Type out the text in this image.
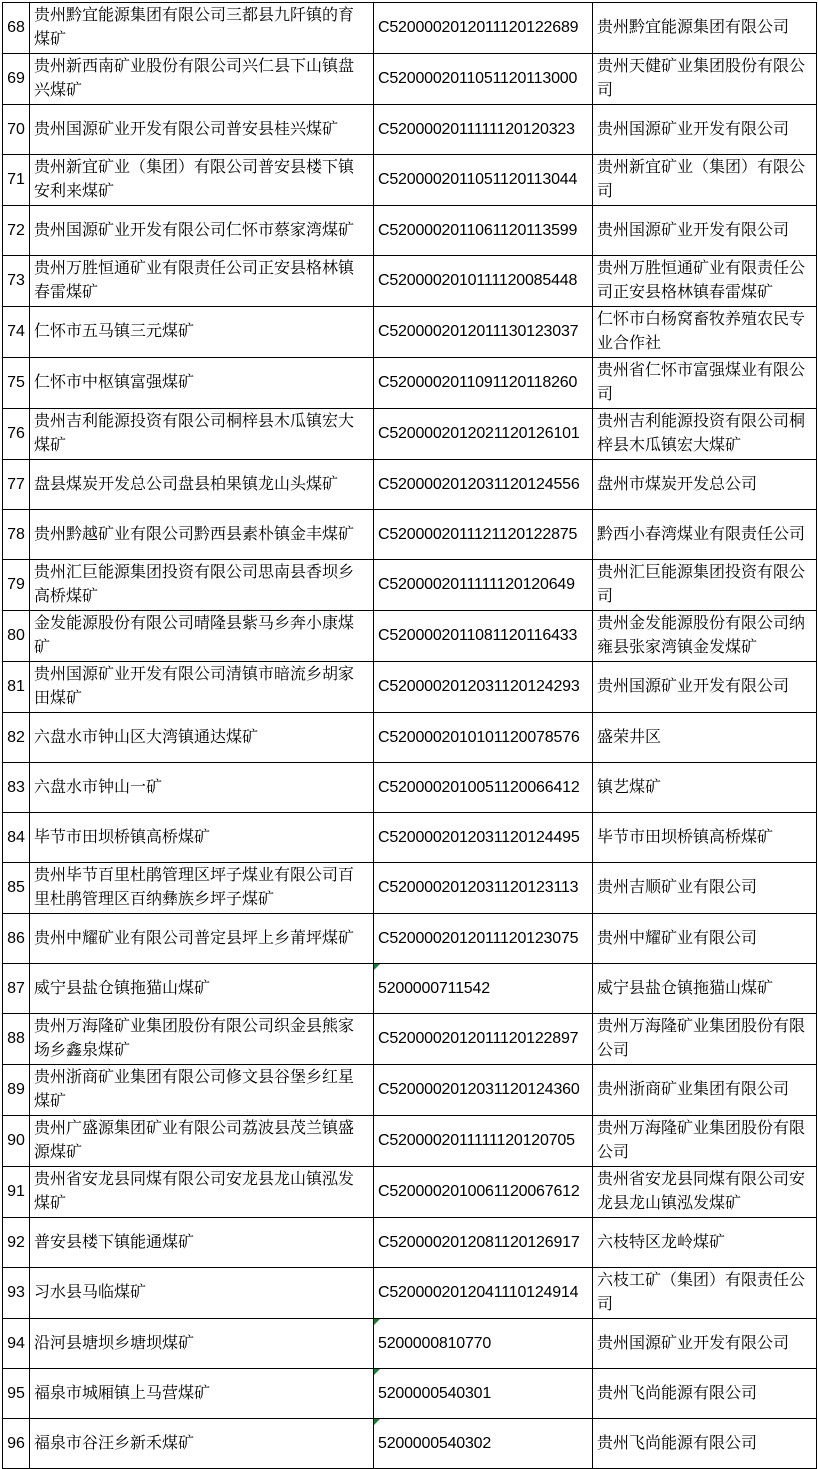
68	贵州黔宜能源集团有限公司三都县九阡镇的育煤矿	C5200002012011120122689	贵州黔宜能源集团有限公司
69	贵州新西南矿业股份有限公司兴仁县下山镇盘兴煤矿	C5200002011051120113000	贵州天健矿业集团股份有限公司
70	贵州国源矿业开发有限公司普安县桂兴煤矿	C5200002011111120120323	贵州国源矿业开发有限公司
71	贵州新宜矿业（集团）有限公司普安县楼下镇安利来煤矿	C5200002011051120113044	贵州新宜矿业（集团）有限公司
72	贵州国源矿业开发有限公司仁怀市蔡家湾煤矿	C5200002011061120113599	贵州国源矿业开发有限公司
73	贵州万胜恒通矿业有限责任公司正安县格林镇春雷煤矿	C5200002010111120085448	贵州万胜恒通矿业有限责任公司正安县格林镇春雷煤矿
74	仁怀市五马镇三元煤矿	C5200002012011130123037	仁怀市白杨窝畜牧养殖农民专业合作社
75	仁怀市中枢镇富强煤矿	C5200002011091120118260	贵州省仁怀市富强煤业有限公司
76	贵州吉利能源投资有限公司桐梓县木瓜镇宏大煤矿	C5200002012021120126101	贵州吉利能源投资有限公司桐梓县木瓜镇宏大煤矿
77	盘县煤炭开发总公司盘县柏果镇龙山头煤矿	C5200002012031120124556	盘州市煤炭开发总公司
78	贵州黔越矿业有限公司黔西县素朴镇金丰煤矿	C5200002011121120122875	黔西小春湾煤业有限责任公司
79	贵州汇巨能源集团投资有限公司思南县香坝乡高桥煤矿	C5200002011111120120649	贵州汇巨能源集团投资有限公司
80	金发能源股份有限公司晴隆县紫马乡奔小康煤矿	C5200002011081120116433	贵州金发能源股份有限公司纳雍县张家湾镇金发煤矿
81	贵州国源矿业开发有限公司清镇市暗流乡胡家田煤矿	C5200002012031120124293	贵州国源矿业开发有限公司
82	六盘水市钟山区大湾镇通达煤矿	C5200002010101120078576	盛荣井区
83	六盘水市钟山一矿	C5200002010051120066412	镇艺煤矿
84	毕节市田坝桥镇高桥煤矿	C5200002012031120124495	毕节市田坝桥镇高桥煤矿
85	贵州毕节百里杜鹃管理区坪子煤业有限公司百里杜鹃管理区百纳彝族乡坪子煤矿	C5200002012031120123113	贵州吉顺矿业有限公司
86	贵州中耀矿业有限公司普定县坪上乡莆坪煤矿	C5200002012011120123075	贵州中耀矿业有限公司
87	威宁县盐仓镇拖猫山煤矿	5200000711542	威宁县盐仓镇拖猫山煤矿
88	贵州万海隆矿业集团股份有限公司织金县熊家场乡鑫泉煤矿	C5200002012011120122897	贵州万海隆矿业集团股份有限公司
89	贵州浙商矿业集团有限公司修文县谷堡乡红星煤矿	C5200002012031120124360	贵州浙商矿业集团有限公司
90	贵州广盛源集团矿业有限公司荔波县茂兰镇盛源煤矿	C5200002011111120120705	贵州万海隆矿业集团股份有限公司
91	贵州省安龙县同煤有限公司安龙县龙山镇泓发煤矿	C5200002010061120067612	贵州省安龙县同煤有限公司安龙县龙山镇泓发煤矿
92	普安县楼下镇能通煤矿	C5200002012081120126917	六枝特区龙岭煤矿
93	习水县马临煤矿	C5200002012041110124914	六枝工矿（集团）有限责任公司
94	沿河县塘坝乡塘坝煤矿	5200000810770	贵州国源矿业开发有限公司
95	福泉市城厢镇上马营煤矿	5200000540301	贵州飞尚能源有限公司
96	福泉市谷汪乡新禾煤矿	5200000540302	贵州飞尚能源有限公司
